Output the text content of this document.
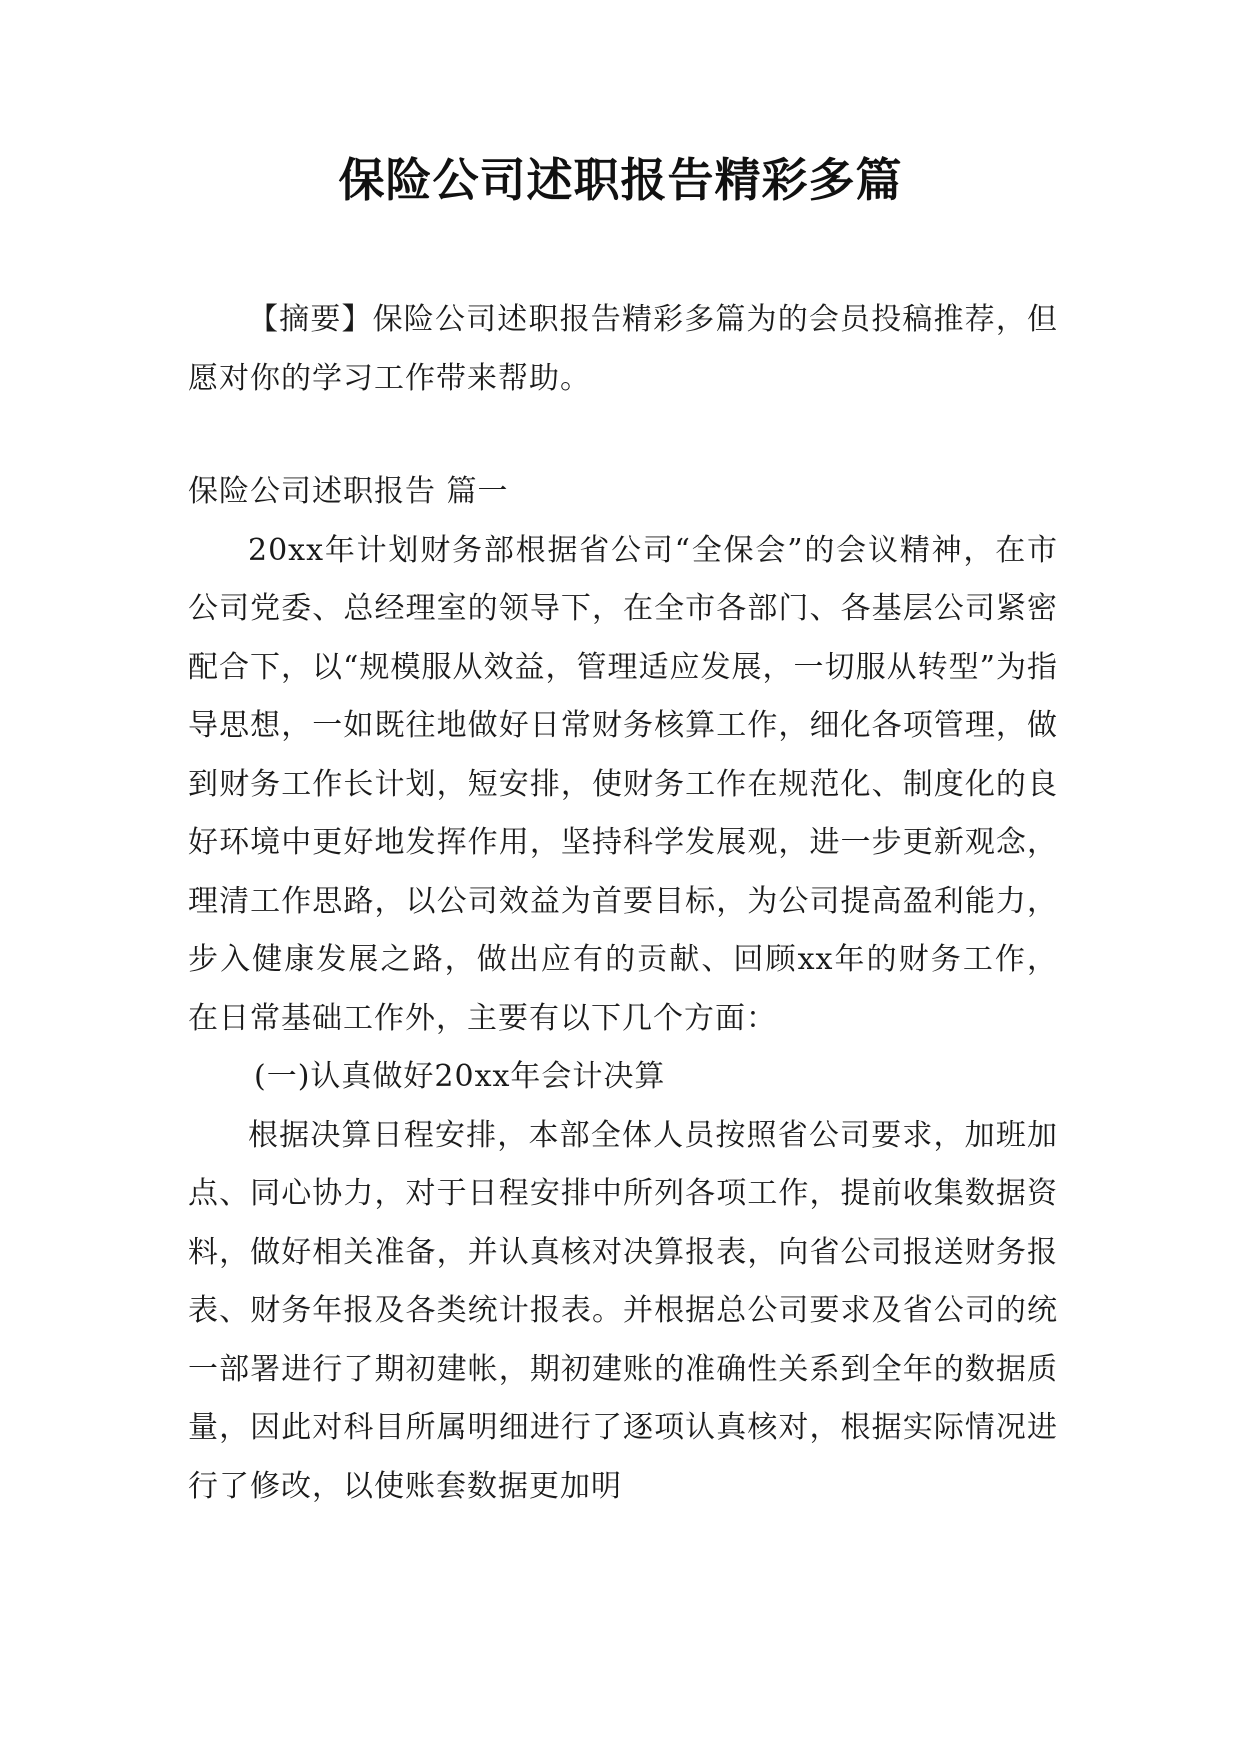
保险公司述职报告精彩多篇

【摘要】保险公司述职报告精彩多篇为的会员投稿推荐，但愿对你的学习工作带来帮助。

保险公司述职报告 篇一

20xx年计划财务部根据省公司“全保会”的会议精神，在市公司党委、总经理室的领导下，在全市各部门、各基层公司紧密配合下，以“规模服从效益，管理适应发展，一切服从转型”为指导思想，一如既往地做好日常财务核算工作，细化各项管理，做到财务工作长计划，短安排，使财务工作在规范化、制度化的良好环境中更好地发挥作用，坚持科学发展观，进一步更新观念，理清工作思路，以公司效益为首要目标，为公司提高盈利能力，步入健康发展之路，做出应有的贡献、回顾xx年的财务工作，在日常基础工作外，主要有以下几个方面：

(一)认真做好20xx年会计决算

根据决算日程安排，本部全体人员按照省公司要求，加班加点、同心协力，对于日程安排中所列各项工作，提前收集数据资料，做好相关准备，并认真核对决算报表，向省公司报送财务报表、财务年报及各类统计报表。并根据总公司要求及省公司的统一部署进行了期初建帐，期初建账的准确性关系到全年的数据质量，因此对科目所属明细进行了逐项认真核对，根据实际情况进行了修改，以使账套数据更加明
